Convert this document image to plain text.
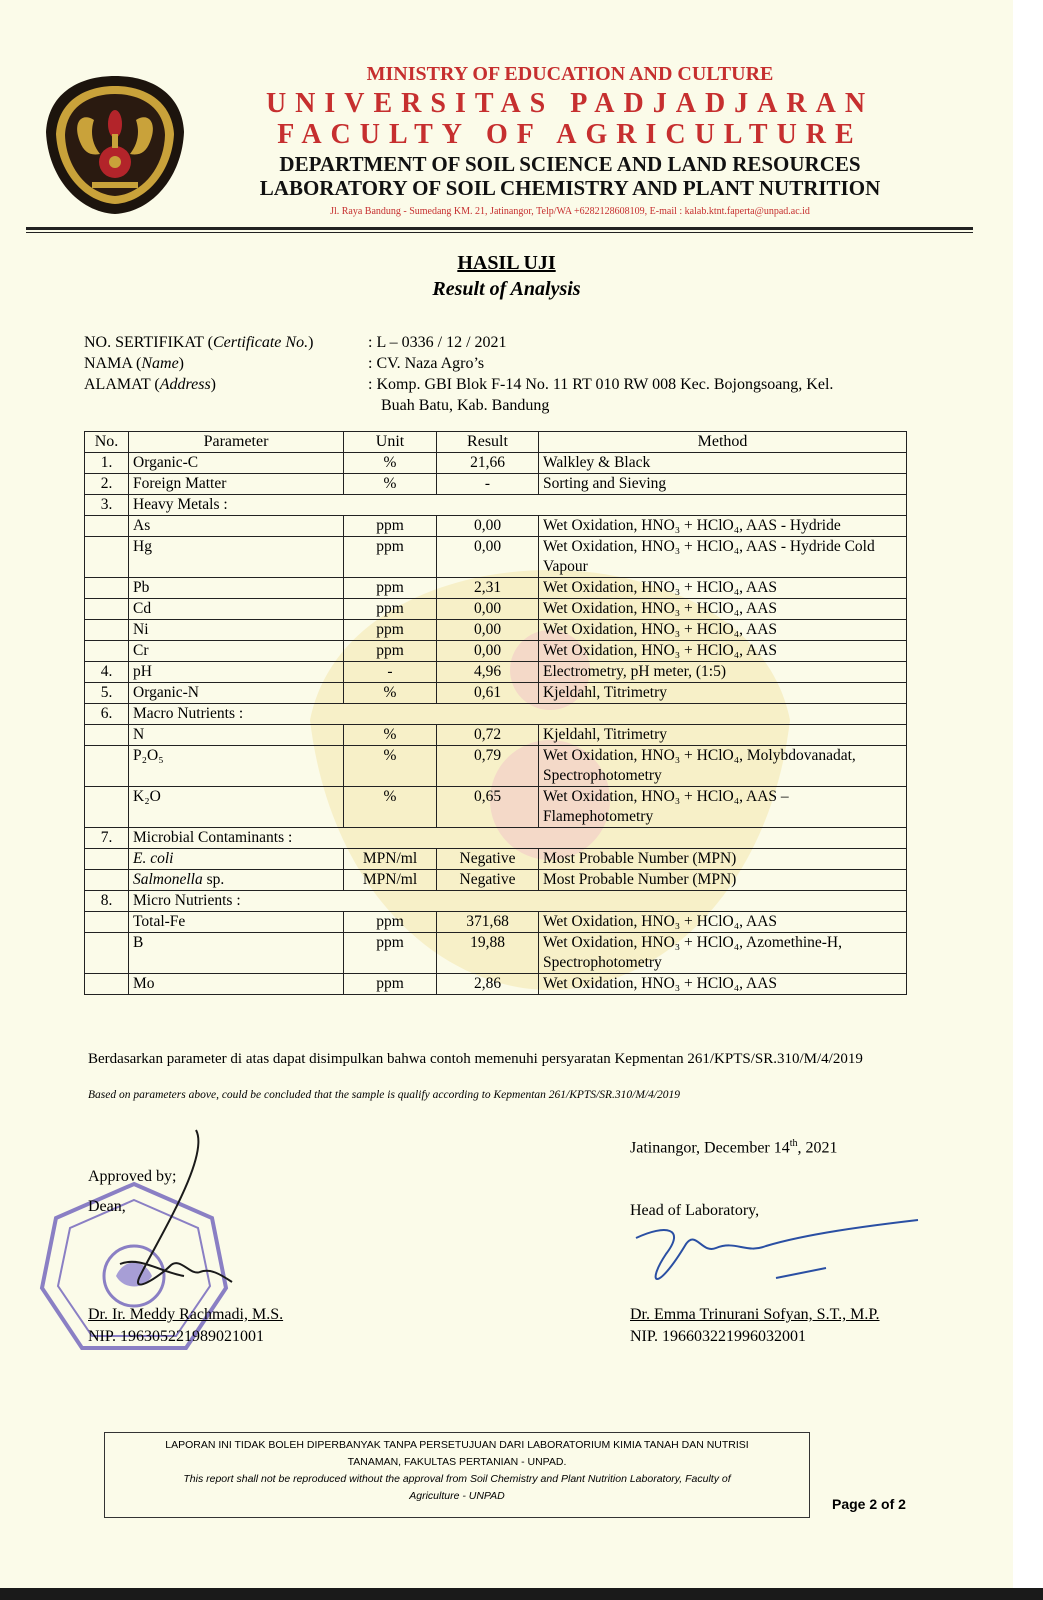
MINISTRY OF EDUCATION AND CULTURE
UNIVERSITAS PADJADJARAN
FACULTY OF AGRICULTURE
DEPARTMENT OF SOIL SCIENCE AND LAND RESOURCES
LABORATORY OF SOIL CHEMISTRY AND PLANT NUTRITION
Jl. Raya Bandung - Sumedang KM. 21, Jatinangor, Telp/WA +6282128608109, E-mail : kalab.ktnt.faperta@unpad.ac.id
HASIL UJI
Result of Analysis
NO. SERTIFIKAT (Certificate No.)	: L – 0336 / 12 / 2021
NAMA (Name)	: CV. Naza Agro’s
ALAMAT (Address)	: Komp. GBI Blok F-14 No. 11 RT 010 RW 008 Kec. Bojongsoang, Kel.
Buah Batu, Kab. Bandung
No.	Parameter	Unit	Result	Method
1.	Organic-C	%	21,66	Walkley & Black
2.	Foreign Matter	%	-	Sorting and Sieving
3.	Heavy Metals :			
	As	ppm	0,00	Wet Oxidation, HNO₃ + HClO₄, AAS - Hydride
	Hg	ppm	0,00	Wet Oxidation, HNO₃ + HClO₄, AAS - Hydride Cold Vapour
	Pb	ppm	2,31	Wet Oxidation, HNO₃ + HClO₄, AAS
	Cd	ppm	0,00	Wet Oxidation, HNO₃ + HClO₄, AAS
	Ni	ppm	0,00	Wet Oxidation, HNO₃ + HClO₄, AAS
	Cr	ppm	0,00	Wet Oxidation, HNO₃ + HClO₄, AAS
4.	pH	-	4,96	Electrometry, pH meter, (1:5)
5.	Organic-N	%	0,61	Kjeldahl, Titrimetry
6.	Macro Nutrients :			
	N	%	0,72	Kjeldahl, Titrimetry
	P₂O₅	%	0,79	Wet Oxidation, HNO₃ + HClO₄, Molybdovanadat, Spectrophotometry
	K₂O	%	0,65	Wet Oxidation, HNO₃ + HClO₄, AAS – Flamephotometry
7.	Microbial Contaminants :			
	E. coli	MPN/ml	Negative	Most Probable Number (MPN)
	Salmonella sp.	MPN/ml	Negative	Most Probable Number (MPN)
8.	Micro Nutrients :			
	Total-Fe	ppm	371,68	Wet Oxidation, HNO₃ + HClO₄, AAS
	B	ppm	19,88	Wet Oxidation, HNO₃ + HClO₄, Azomethine-H, Spectrophotometry
	Mo	ppm	2,86	Wet Oxidation, HNO₃ + HClO₄, AAS
Berdasarkan parameter di atas dapat disimpulkan bahwa contoh memenuhi persyaratan Kepmentan 261/KPTS/SR.310/M/4/2019
Based on parameters above, could be concluded that the sample is qualify according to Kepmentan 261/KPTS/SR.310/M/4/2019
Approved by;
Dean,
Dr. Ir. Meddy Rachmadi, M.S.
NIP. 196305221989021001
Jatinangor, December 14th, 2021
Head of Laboratory,
Dr. Emma Trinurani Sofyan, S.T., M.P.
NIP. 196603221996032001
LAPORAN INI TIDAK BOLEH DIPERBANYAK TANPA PERSETUJUAN DARI LABORATORIUM KIMIA TANAH DAN NUTRISI
TANAMAN, FAKULTAS PERTANIAN - UNPAD.
This report shall not be reproduced without the approval from Soil Chemistry and Plant Nutrition Laboratory, Faculty of
Agriculture - UNPAD	Page 2 of 2
